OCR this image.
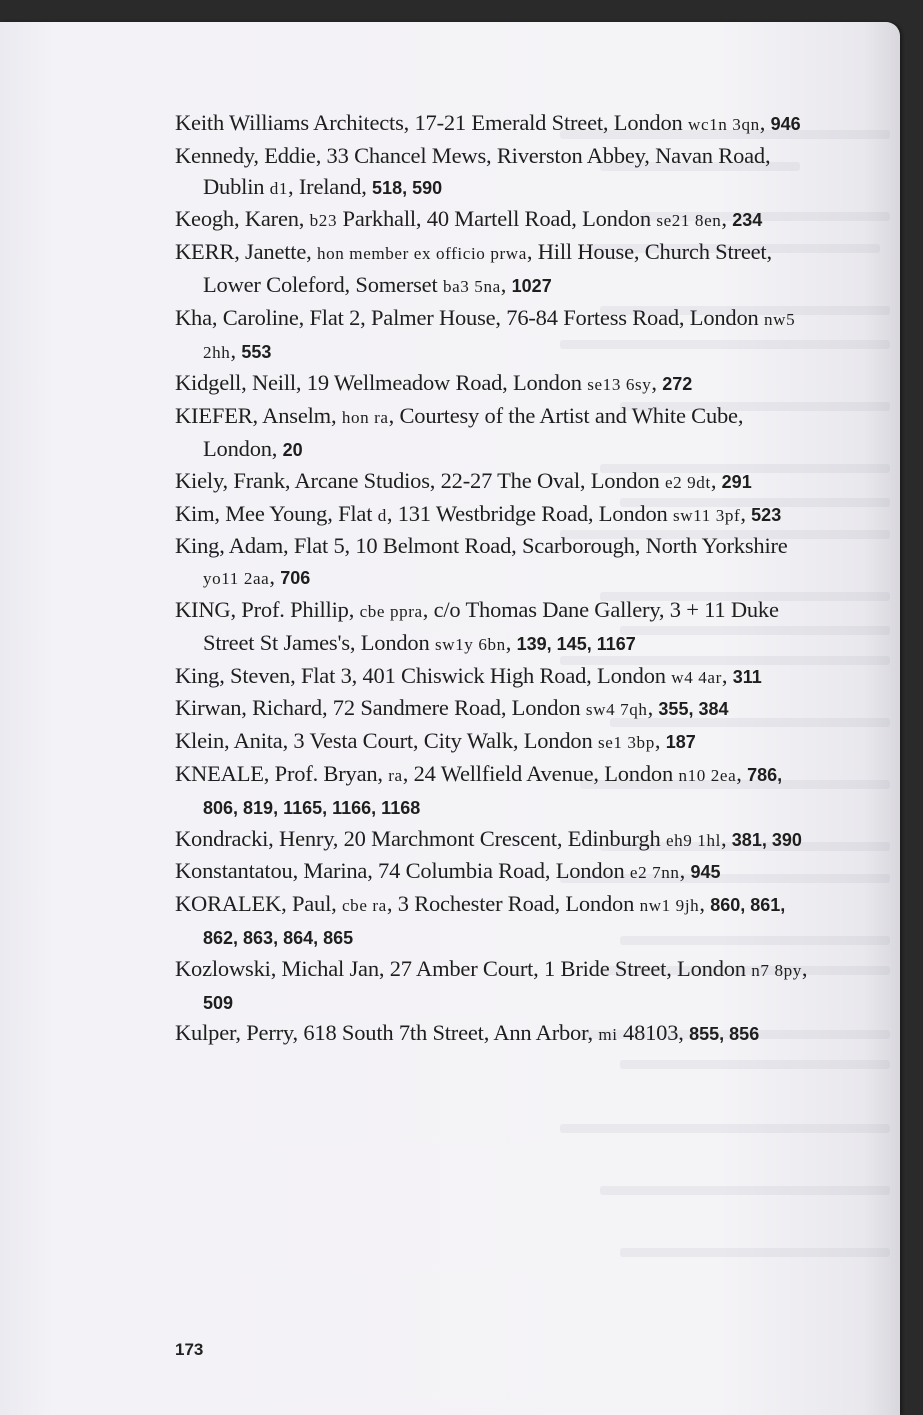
Keith Williams Architects, 17-21 Emerald Street, London wc1n 3qn, 946

Kennedy, Eddie, 33 Chancel Mews, Riverston Abbey, Navan Road, Dublin d1, Ireland, 518, 590

Keogh, Karen, b23 Parkhall, 40 Martell Road, London se21 8en, 234

KERR, Janette, hon member ex officio prwa, Hill House, Church Street, Lower Coleford, Somerset ba3 5na, 1027

Kha, Caroline, Flat 2, Palmer House, 76-84 Fortess Road, London nw5 2hh, 553

Kidgell, Neill, 19 Wellmeadow Road, London se13 6sy, 272

KIEFER, Anselm, hon ra, Courtesy of the Artist and White Cube, London, 20

Kiely, Frank, Arcane Studios, 22-27 The Oval, London e2 9dt, 291

Kim, Mee Young, Flat d, 131 Westbridge Road, London sw11 3pf, 523

King, Adam, Flat 5, 10 Belmont Road, Scarborough, North Yorkshire yo11 2aa, 706

KING, Prof. Phillip, cbe ppra, c/o Thomas Dane Gallery, 3 + 11 Duke Street St James's, London sw1y 6bn, 139, 145, 1167

King, Steven, Flat 3, 401 Chiswick High Road, London w4 4ar, 311

Kirwan, Richard, 72 Sandmere Road, London sw4 7qh, 355, 384

Klein, Anita, 3 Vesta Court, City Walk, London se1 3bp, 187

KNEALE, Prof. Bryan, ra, 24 Wellfield Avenue, London n10 2ea, 786, 806, 819, 1165, 1166, 1168

Kondracki, Henry, 20 Marchmont Crescent, Edinburgh eh9 1hl, 381, 390

Konstantatou, Marina, 74 Columbia Road, London e2 7nn, 945

KORALEK, Paul, cbe ra, 3 Rochester Road, London nw1 9jh, 860, 861, 862, 863, 864, 865

Kozlowski, Michal Jan, 27 Amber Court, 1 Bride Street, London n7 8py, 509

Kulper, Perry, 618 South 7th Street, Ann Arbor, mi 48103, 855, 856

173
